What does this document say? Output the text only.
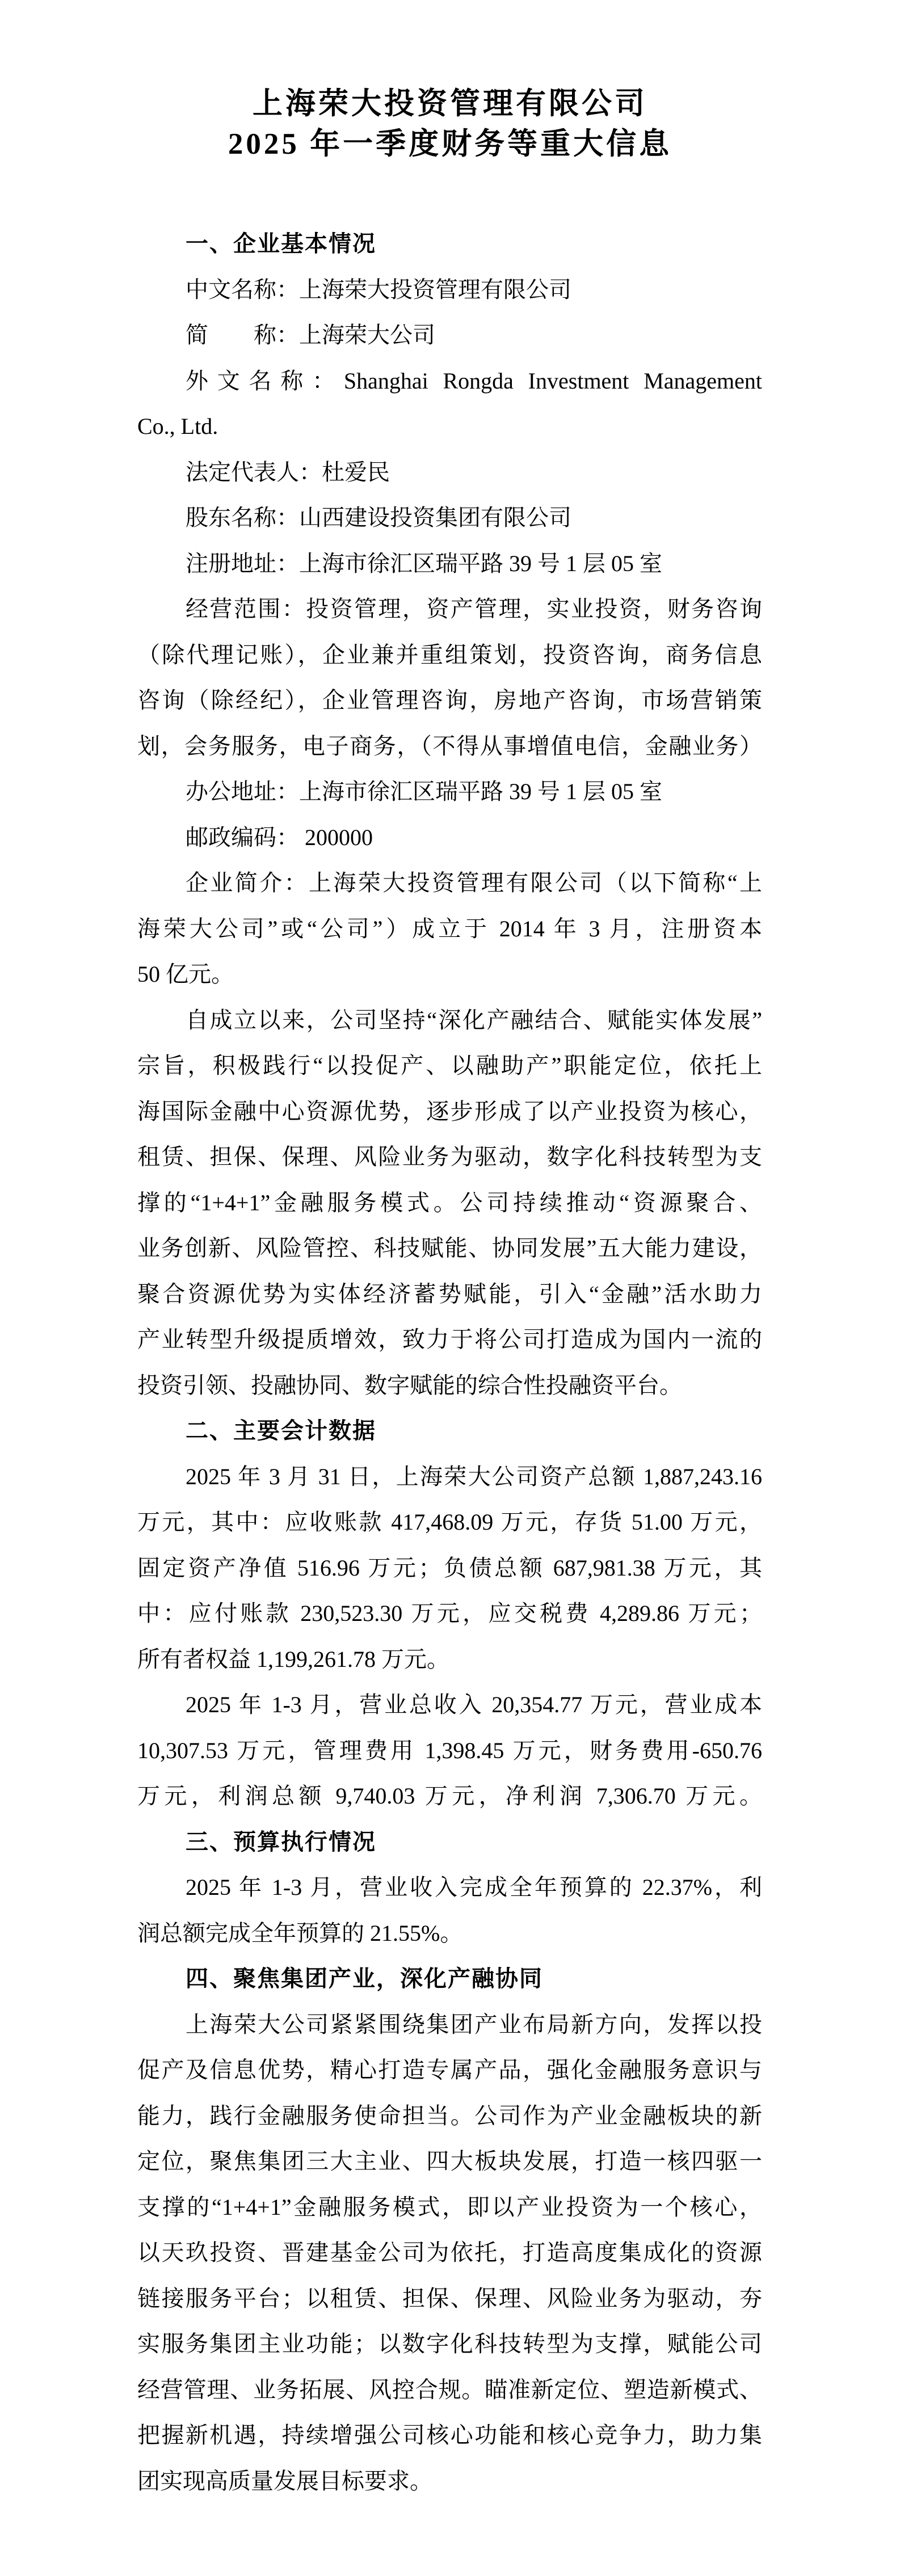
上海荣大投资管理有限公司
2025 年一季度财务等重大信息
一、企业基本情况
中文名称：上海荣大投资管理有限公司
简　　称：上海荣大公司
外文名称：Shanghai Rongda Investment Management
Co., Ltd.
法定代表人：杜爱民
股东名称：山西建设投资集团有限公司
注册地址：上海市徐汇区瑞平路 39 号 1 层 05 室
经营范围：投资管理，资产管理，实业投资，财务咨询
（除代理记账），企业兼并重组策划，投资咨询，商务信息
咨询（除经纪），企业管理咨询，房地产咨询，市场营销策
划，会务服务，电子商务，（不得从事增值电信，金融业务）
办公地址：上海市徐汇区瑞平路 39 号 1 层 05 室
邮政编码： 200000
企业简介：上海荣大投资管理有限公司（以下简称“上
海荣大公司”或“公司”）成立于 2014 年 3 月，注册资本
50 亿元。
自成立以来，公司坚持“深化产融结合、赋能实体发展”
宗旨，积极践行“以投促产、以融助产”职能定位，依托上
海国际金融中心资源优势，逐步形成了以产业投资为核心，
租赁、担保、保理、风险业务为驱动，数字化科技转型为支
撑的“1+4+1”金融服务模式。公司持续推动“资源聚合、
业务创新、风险管控、科技赋能、协同发展”五大能力建设，
聚合资源优势为实体经济蓄势赋能，引入“金融”活水助力
产业转型升级提质增效，致力于将公司打造成为国内一流的
投资引领、投融协同、数字赋能的综合性投融资平台。
二、主要会计数据
2025 年 3 月 31 日，上海荣大公司资产总额 1,887,243.16
万元，其中：应收账款 417,468.09 万元，存货 51.00 万元，
固定资产净值 516.96 万元；负债总额 687,981.38 万元，其
中：应付账款 230,523.30 万元，应交税费 4,289.86 万元；
所有者权益 1,199,261.78 万元。
2025 年 1-3 月，营业总收入 20,354.77 万元，营业成本
10,307.53 万元，管理费用 1,398.45 万元，财务费用-650.76
万元，利润总额 9,740.03 万元，净利润 7,306.70 万元。
三、预算执行情况
2025 年 1-3 月，营业收入完成全年预算的 22.37%，利
润总额完成全年预算的 21.55%。
四、聚焦集团产业，深化产融协同
上海荣大公司紧紧围绕集团产业布局新方向，发挥以投
促产及信息优势，精心打造专属产品，强化金融服务意识与
能力，践行金融服务使命担当。公司作为产业金融板块的新
定位，聚焦集团三大主业、四大板块发展，打造一核四驱一
支撑的“1+4+1”金融服务模式，即以产业投资为一个核心，
以天玖投资、晋建基金公司为依托，打造高度集成化的资源
链接服务平台；以租赁、担保、保理、风险业务为驱动，夯
实服务集团主业功能；以数字化科技转型为支撑，赋能公司
经营管理、业务拓展、风控合规。瞄准新定位、塑造新模式、
把握新机遇，持续增强公司核心功能和核心竞争力，助力集
团实现高质量发展目标要求。
